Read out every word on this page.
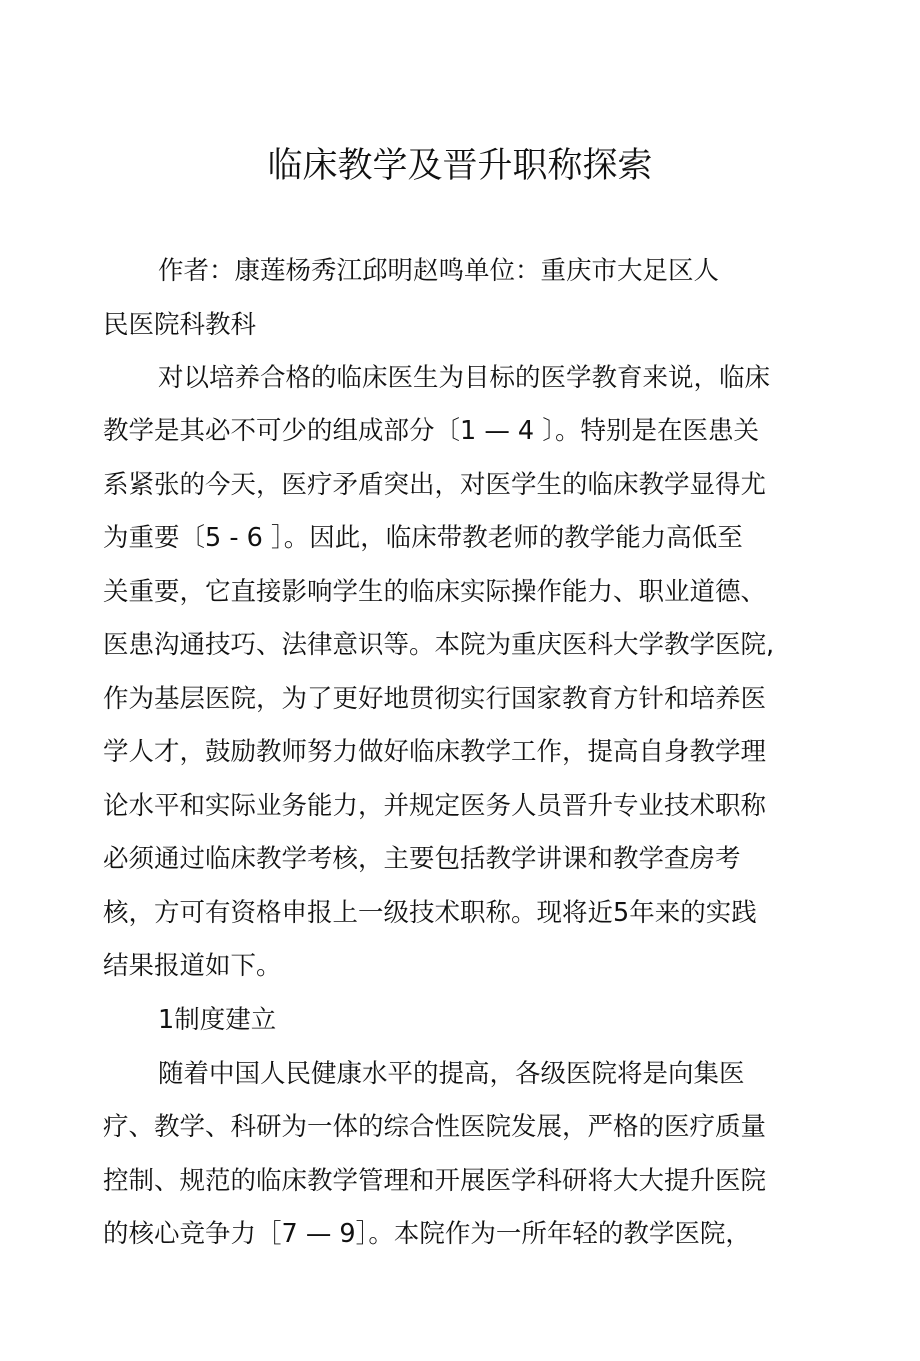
临床教学及晋升职称探索

作者：康莲杨秀江邱明赵鸣单位：重庆市大足区人

民医院科教科

对以培养合格的临床医生为目标的医学教育来说，临床

教学是其必不可少的组成部分〔1 — 4 〕。特别是在医患关

系紧张的今天，医疗矛盾突出，对医学生的临床教学显得尤

为重要〔5 - 6 ］。因此，临床带教老师的教学能力高低至

关重要，它直接影响学生的临床实际操作能力、职业道德、

医患沟通技巧、法律意识等。本院为重庆医科大学教学医院,

作为基层医院，为了更好地贯彻实行国家教育方针和培养医

学人才，鼓励教师努力做好临床教学工作，提高自身教学理

论水平和实际业务能力，并规定医务人员晋升专业技术职称

必须通过临床教学考核，主要包括教学讲课和教学查房考

核，方可有资格申报上一级技术职称。现将近5年来的实践

结果报道如下。

1制度建立

随着中国人民健康水平的提高，各级医院将是向集医

疗、教学、科研为一体的综合性医院发展，严格的医疗质量

控制、规范的临床教学管理和开展医学科研将大大提升医院

的核心竞争力［7 — 9］。本院作为一所年轻的教学医院，
